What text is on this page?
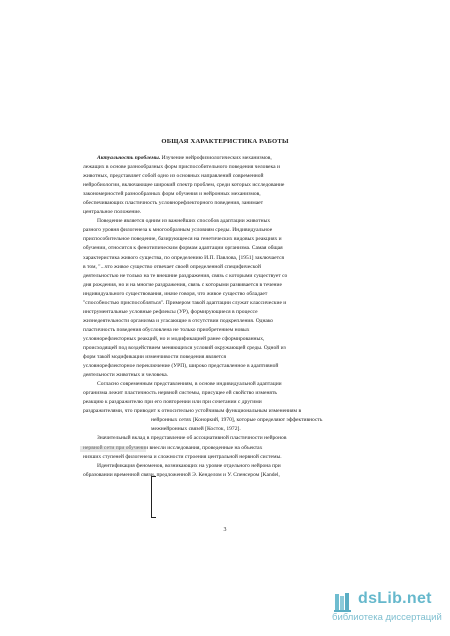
ОБЩАЯ ХАРАКТЕРИСТИКА РАБОТЫ

Актуальность проблемы. Изучение нейрофизиологических механизмов,
лежащих в основе разнообразных форм приспособительного поведения человека и
животных, представляет собой одно из основных направлений современной
нейробиологии, включающее широкий спектр проблем, среди которых исследование
закономерностей разнообразных форм обучения и нейронных механизмов,
обеспечивающих пластичность условнорефлекторного поведения, занимает
центральное положение.

Поведение является одним из важнейших способов адаптации животных
разного уровня филогенеза к многообразным условиям среды. Индивидуальное
приспособительное поведение, базирующееся на генетических видовых реакциях и
обучении, относится к фенотипическим формам адаптации организма. Самая общая
характеристика живого существа, по определению И.П. Павлова, [1951] заключается
в том, "...что живое существо отвечает своей определенной специфической
деятельностью не только на те внешние раздражения, связь с которыми существует со
дня рождения, но и на многие раздражения, связь с которыми развивается в течение
индивидуального существования, иначе говоря, что живое существо обладает
"способностью приспособляться". Примером такой адаптации служат классические и
инструментальные условные рефлексы (УР), формирующиеся в процессе
жизнедеятельности организма и угасающие в отсутствии подкрепления. Однако
пластичность поведения обусловлена не только приобретением новых
условнорефлекторных реакций, но и модификацией ранее сформированных,
происходящей под воздействием меняющихся условий окружающей среды. Одной из
форм такой модификации изменчивости поведения является
условнорефлекторное переключение (УРП), широко представленное в адаптивной
деятельности животных и человека.

Согласно современным представлениям, в основе индивидуальной адаптации
организма лежит пластичность нервной системы, присущее ей свойство изменять
реакцию к раздражителю при его повторении или при сочетании с другими
раздражителями, что приводит к относительно устойчивым функциональным изменениям в
нейронных сетях [Коноркий, 1970], которые определяют эффективность
межнейронных связей [Косток, 1972].
Значительный вклад в представление об ассоциативной пластичности нейронов
нервной сети при обучении внесли исследования, проведенные на объектах
низших ступеней филогенеза и сложности строения центральной нервной системы.
Идентификация феноменов, возникающих на уровне отдельного нейрона при
образовании временной связи, предложенной Э. Кенделом и У. Спенсером [Kandel,

3
dsLib.net
библиотека диссертаций
